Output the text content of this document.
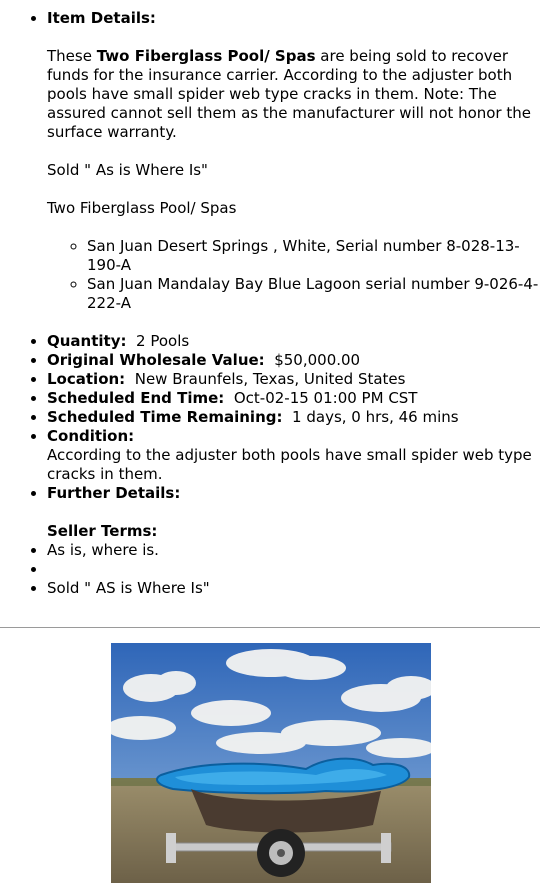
• Item Details:

These Two Fiberglass Pool/ Spas are being sold to recover funds for the insurance carrier. According to the adjuster both pools have small spider web type cracks in them. Note: The assured cannot sell them as the manufacturer will not honor the surface warranty.

Sold " As is Where Is"

Two Fiberglass Pool/ Spas

◦ San Juan Desert Springs , White, Serial number 8-028-13-190-A
◦ San Juan Mandalay Bay Blue Lagoon serial number 9-026-4-222-A
• Quantity: 2 Pools
• Original Wholesale Value: $50,000.00
• Location: New Braunfels, Texas, United States
• Scheduled End Time: Oct-02-15 01:00 PM CST
• Scheduled Time Remaining: 1 days, 0 hrs, 46 mins
• Condition:
According to the adjuster both pools have small spider web type cracks in them.
• Further Details:
Seller Terms:
• As is, where is.
•
• Sold " AS is Where Is"
